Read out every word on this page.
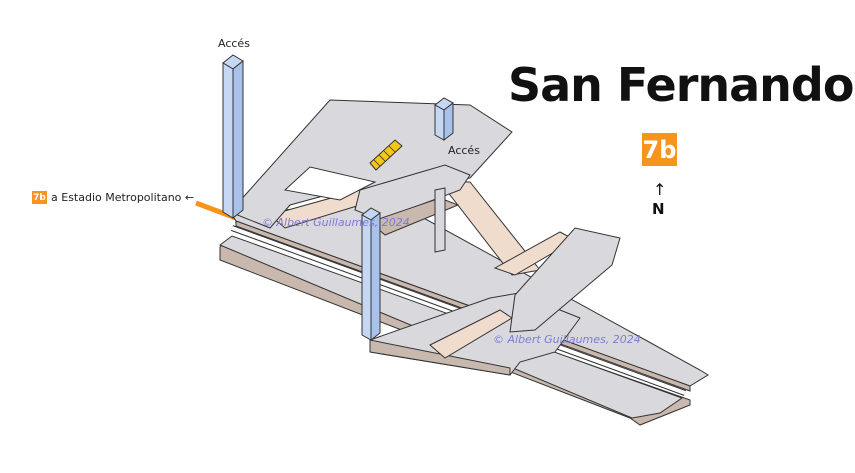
San Fernando
7b
↑
N
Accés
Accés
7b a Estadio Metropolitano ←
© Albert Guillaumes, 2024
© Albert Guillaumes, 2024
